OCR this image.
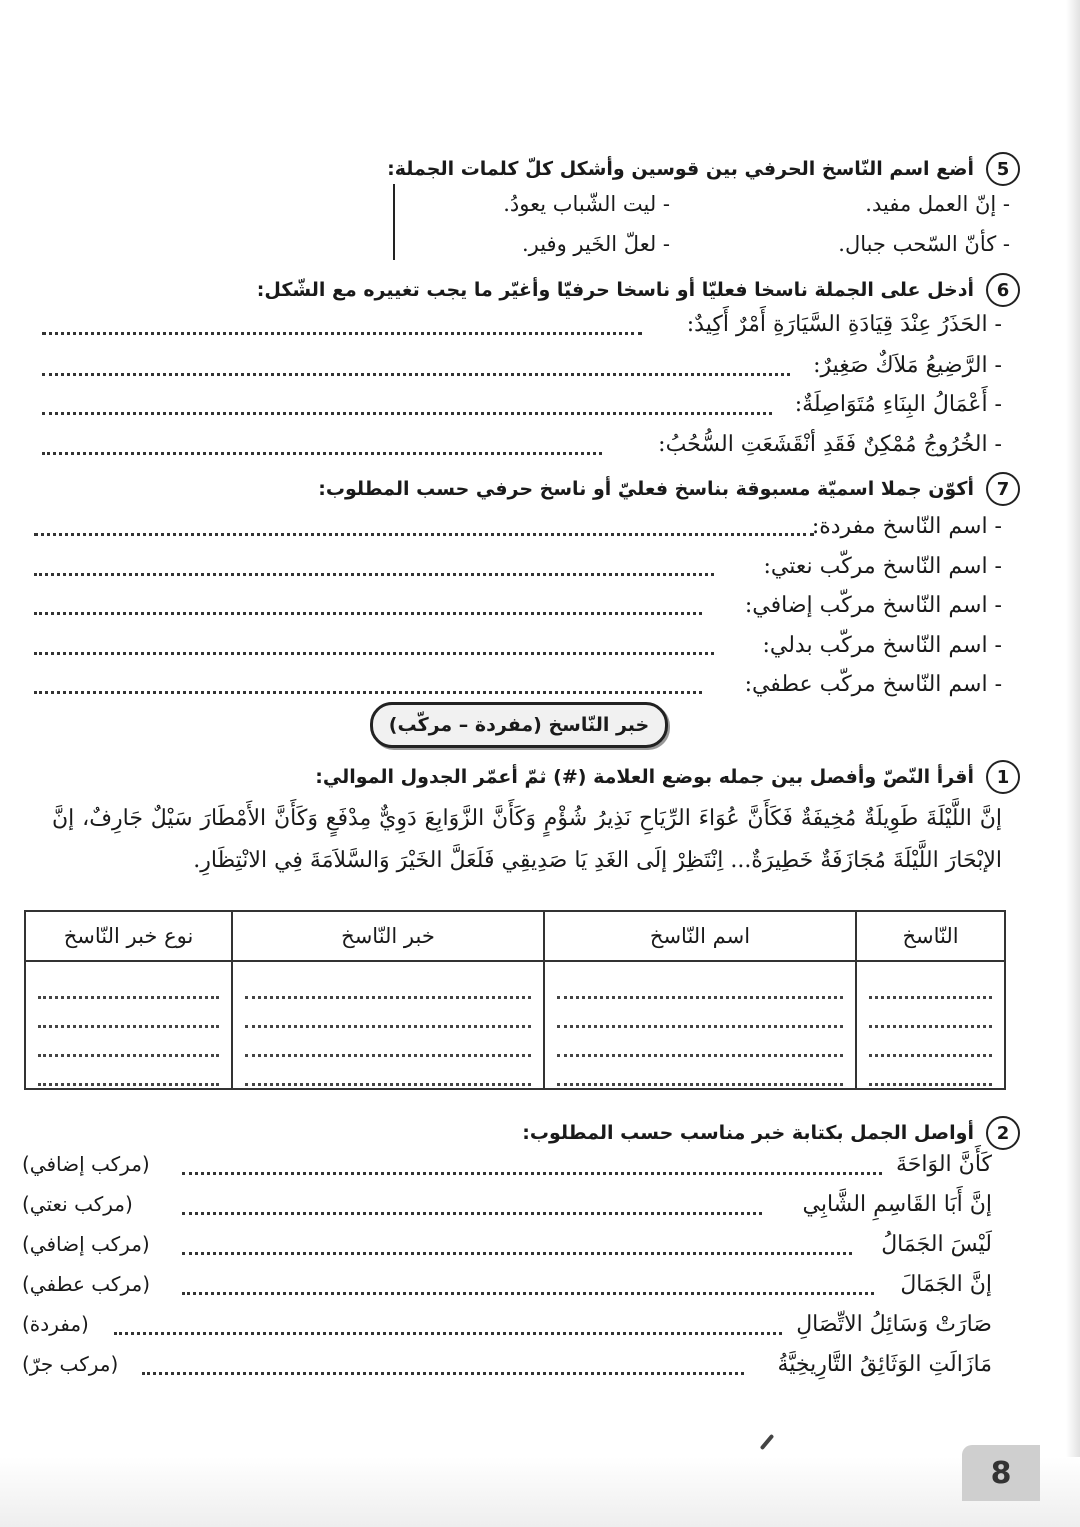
5
أضع اسم النّاسخ الحرفي بين قوسين وأشكل كلّ كلمات الجملة:
- إنّ العمل مفيد.
- كأنّ السّحب جبال.
- ليت الشّباب يعودُ.
- لعلّ الخَير وفير.
6
أدخل على الجملة ناسخا فعليّا أو ناسخا حرفيّا وأغيّر ما يجب تغييره مع الشّكل:
- الحَذَرُ عِنْدَ قِيَادَةِ السَّيَارَةِ أَمْرٌ أَكِيدٌ:
- الرَّضِيعُ مَلاَكٌ صَغِيرٌ:
- أَعْمَالُ البِنَاءِ مُتَوَاصِلَةٌ:
- الخُرُوجُ مُمْكِنٌ فَقَدِ أنْقَشَعَتِ السُّحُبُ:
7
أكوّن جملا اسميّة مسبوقة بناسخ فعليّ أو ناسخ حرفي حسب المطلوب:
- اسم النّاسخ مفردة:
- اسم النّاسخ مركّب نعتي:
- اسم النّاسخ مركّب إضافي:
- اسم النّاسخ مركّب بدلي:
- اسم النّاسخ مركّب عطفي:
خبر النّاسخ (مفردة – مركّب)
1
أقرأ النّصّ وأفصل بين جمله بوضع العلامة (#) ثمّ أعمّر الجدول الموالي:
إنَّ اللَّيْلَةَ طَوِيلَةٌ مُخِيفَةٌ فَكَأَنَّ عُوَاءَ الرِّيَاحِ نَذِيرُ شُؤْمٍ وَكَأَنَّ الزَّوَابِعَ دَوِيٌّ مِدْفَعٍ وَكَأَنَّ الأَمْطَارَ سَيْلٌ جَارِفٌ، إنَّ الإبْحَارَ اللَّيْلَةَ مُجَازَفَةٌ خَطِيرَةٌ... اِنْتَظِرْ إلَى الغَدِ يَا صَدِيقِي فَلَعَلَّ الخَيْرَ وَالسَّلاَمَةَ فِي الانْتِظَارِ.
النّاسخ	اسم النّاسخ	خبر النّاسخ	نوع خبر النّاسخ

2
أواصل الجمل بكتابة خبر مناسب حسب المطلوب:
كَأَنَّ الوَاحَةَ
(مركب إضافي)
إنَّ أَبَا القَاسِمِ الشَّابِي
(مركب نعتي)
لَيْسَ الجَمَالُ
(مركب إضافي)
إنَّ الجَمَالَ
(مركب عطفي)
صَارَتْ وَسَائِلُ الاتِّصَالِ
(مفردة)
مَازَالَتِ الوَثَائِقُ التَّارِيخِيَّةُ
(مركب جرّ)
8
